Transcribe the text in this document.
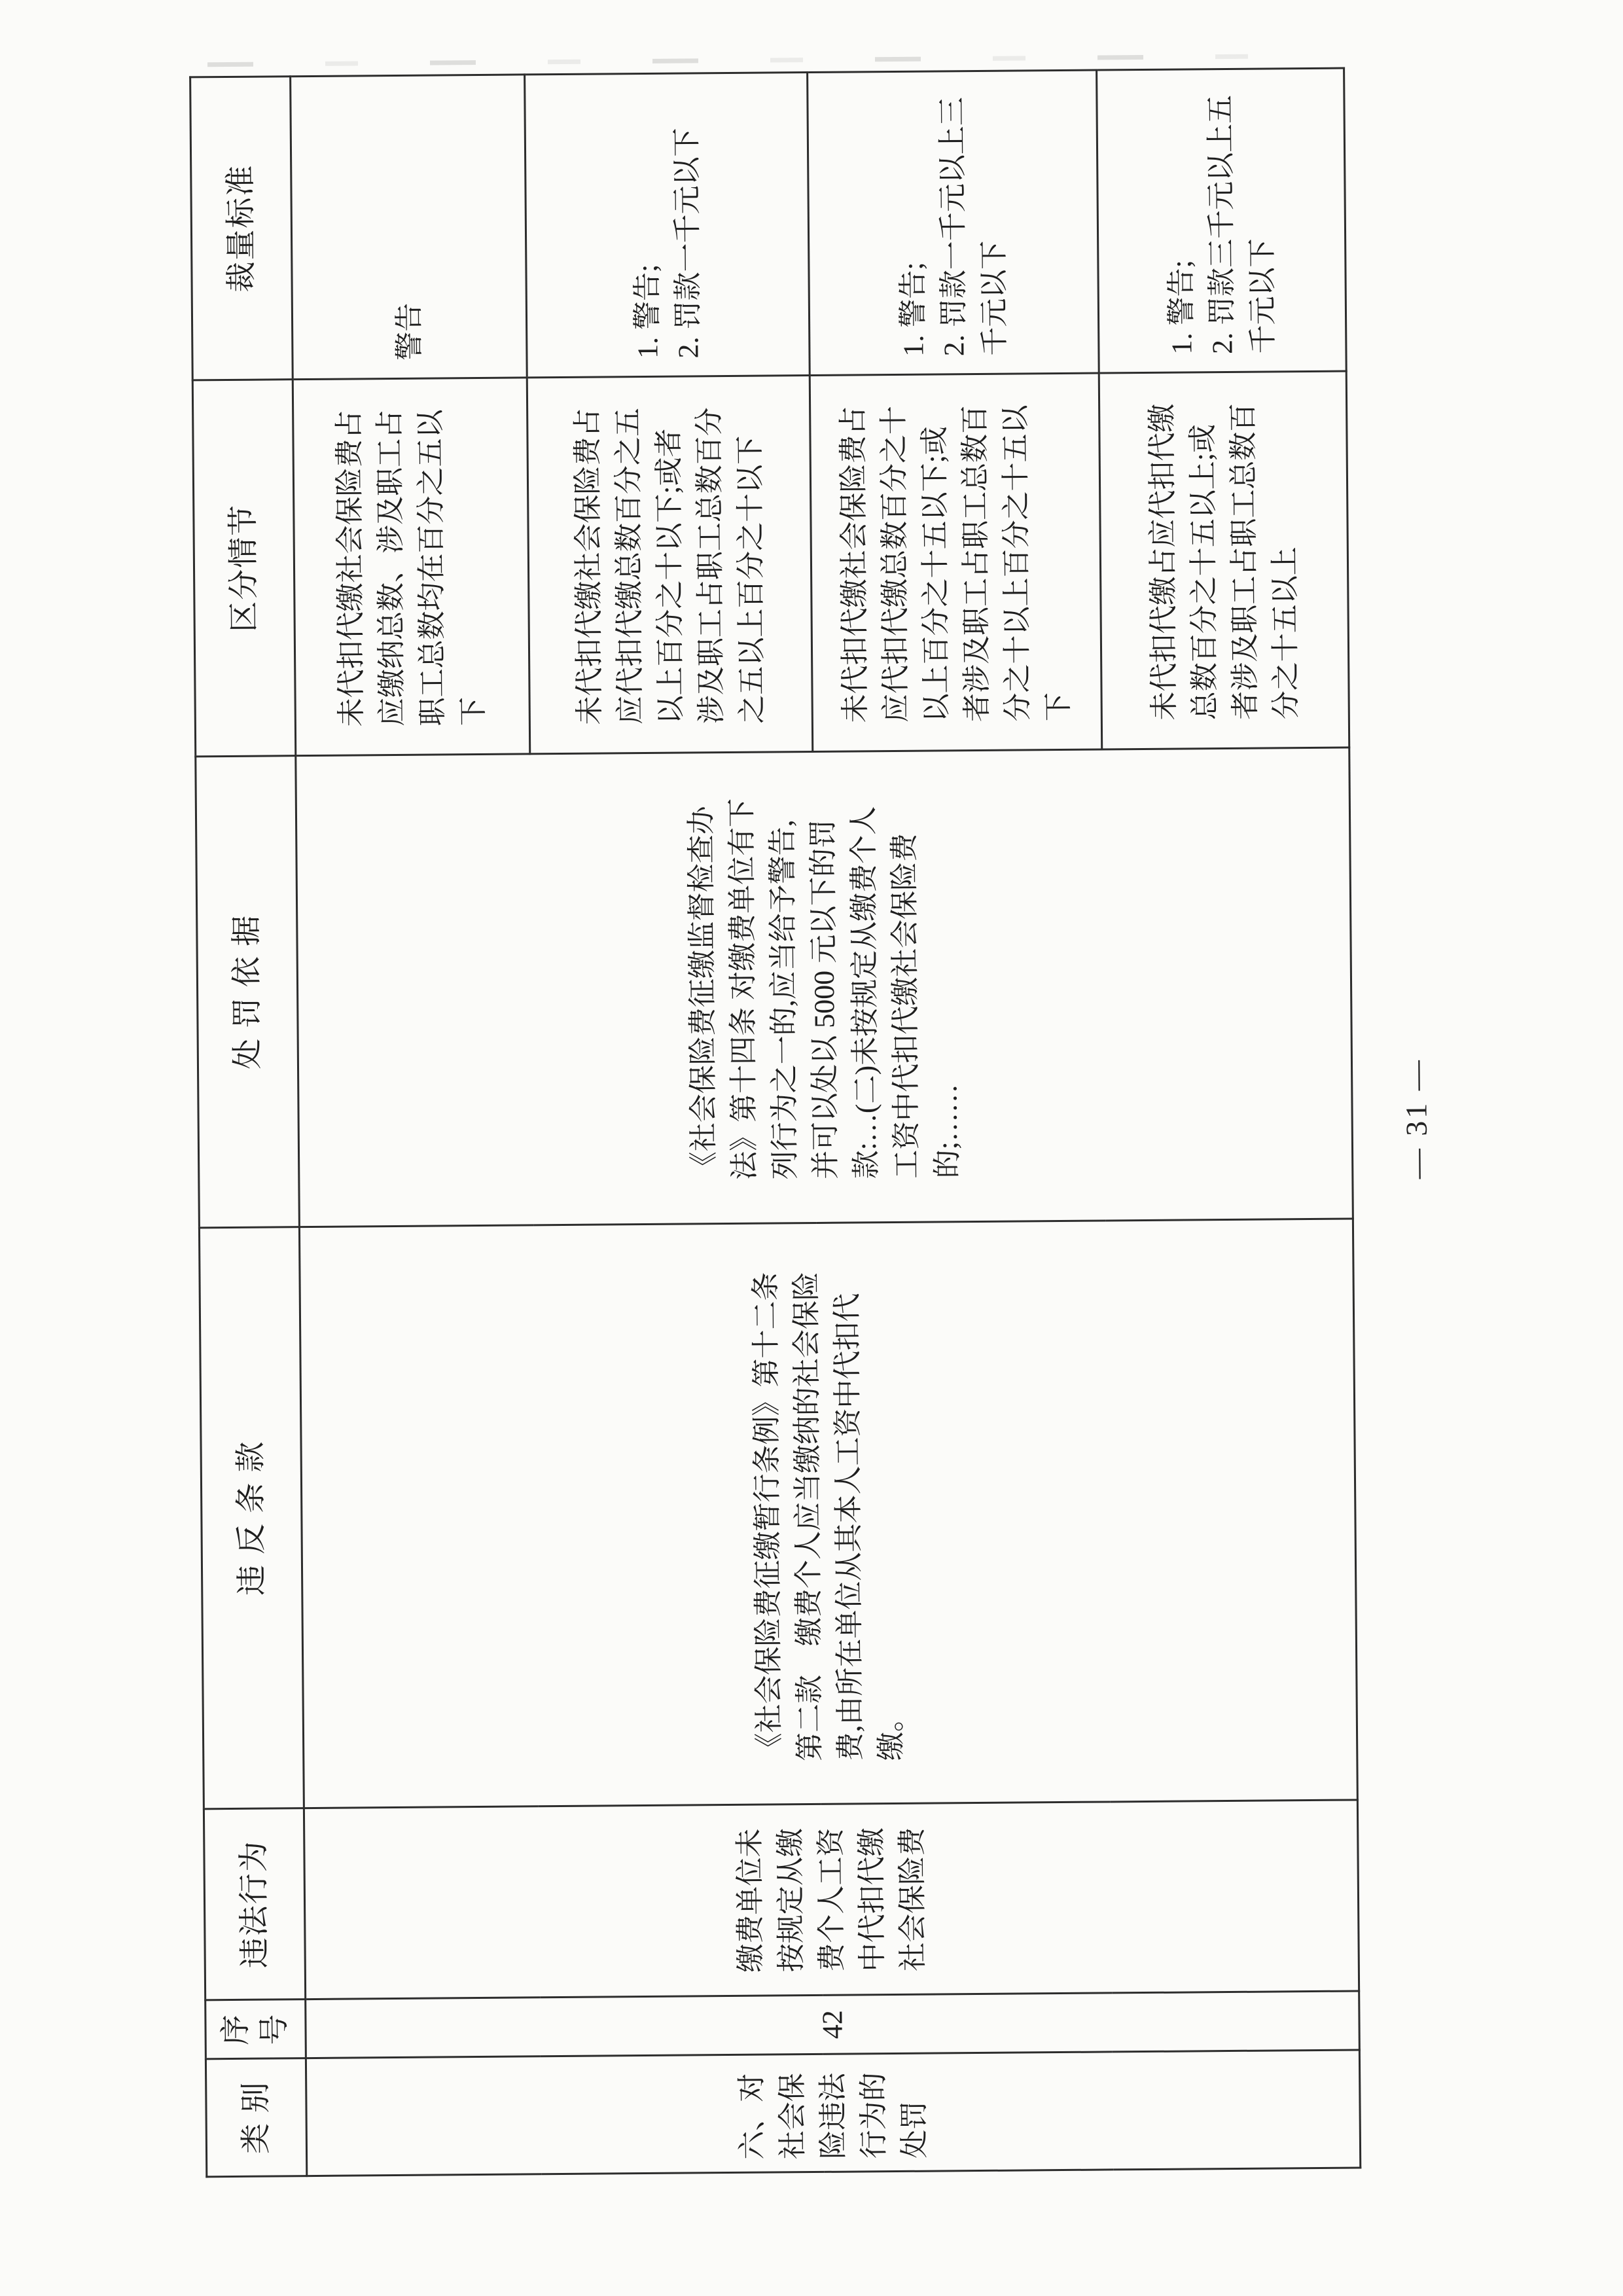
类 别	序号	违法行为	违 反 条 款	处 罚 依 据	区分情节	裁量标准
六、对社会保险违法行为的处罚	42	缴费单位未按规定从缴费个人工资中代扣代缴社会保险费	《社会保险费征缴暂行条例》第十二条第二款　缴费个人应当缴纳的社会保险费,由所在单位从其本人工资中代扣代缴。	《社会保险费征缴监督检查办法》第十四条 对缴费单位有下列行为之一的,应当给予警告,并可以处以 5000 元以下的罚款:…(二)未按规定从缴费个人工资中代扣代缴社会保险费的;……	未代扣代缴社会保险费占应缴纳总数、涉及职工占职工总数均在百分之五以下	警告
					未代扣代缴社会保险费占应代扣代缴总数百分之五以上百分之十以下;或者涉及职工占职工总数百分之五以上百分之十以下	1. 警告;
2. 罚款一千元以下
					未代扣代缴社会保险费占应代扣代缴总数百分之十以上百分之十五以下;或者涉及职工占职工总数百分之十以上百分之十五以下	1. 警告;
2. 罚款一千元以上三千元以下
					未代扣代缴占应代扣代缴总数百分之十五以上;或者涉及职工占职工总数百分之十五以上	1. 警告;
2. 罚款三千元以上五千元以下
— 31 —
